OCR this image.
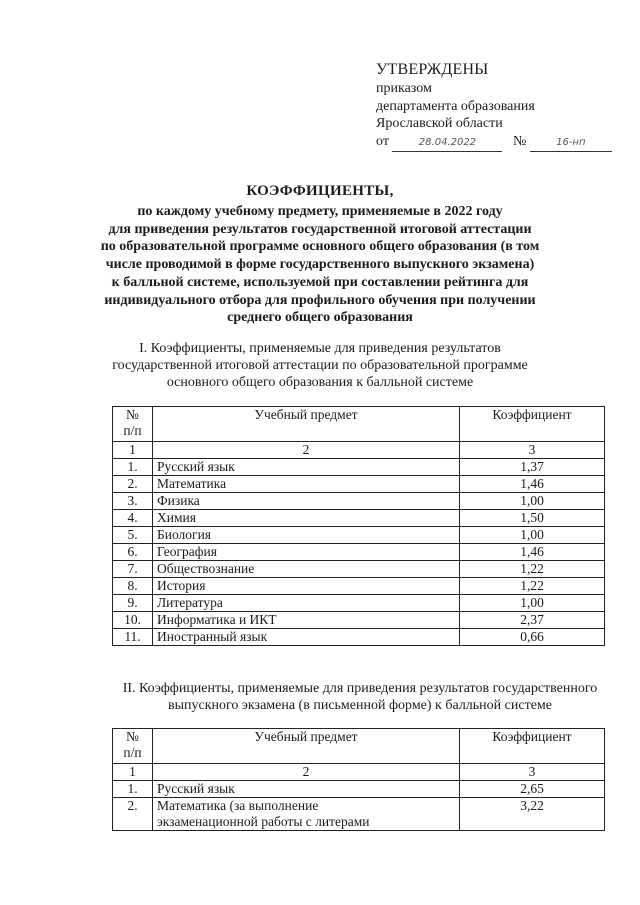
УТВЕРЖДЕНЫ
приказом
департамента образования
Ярославской области
от	28.04.2022	№	16-нп
КОЭФФИЦИЕНТЫ,
по каждому учебному предмету, применяемые в 2022 году
для приведения результатов государственной итоговой аттестации
по образовательной программе основного общего образования (в том
числе проводимой в форме государственного выпускного экзамена)
к балльной системе, используемой при составлении рейтинга для
индивидуального отбора для профильного обучения при получении
среднего общего образования
I. Коэффициенты, применяемые для приведения результатов
государственной итоговой аттестации по образовательной программе
основного общего образования к балльной системе
№
п/п	Учебный предмет	Коэффициент
1	2	3
1.	Русский язык	1,37
2.	Математика	1,46
3.	Физика	1,00
4.	Химия	1,50
5.	Биология	1,00
6.	География	1,46
7.	Обществознание	1,22
8.	История	1,22
9.	Литература	1,00
10.	Информатика и ИКТ	2,37
11.	Иностранный язык	0,66
II. Коэффициенты, применяемые для приведения результатов государственного
выпускного экзамена (в письменной форме) к балльной системе
№
п/п	Учебный предмет	Коэффициент
1	2	3
1.	Русский язык	2,65
2.	Математика (за выполнение
экзаменационной работы с литерами	3,22
